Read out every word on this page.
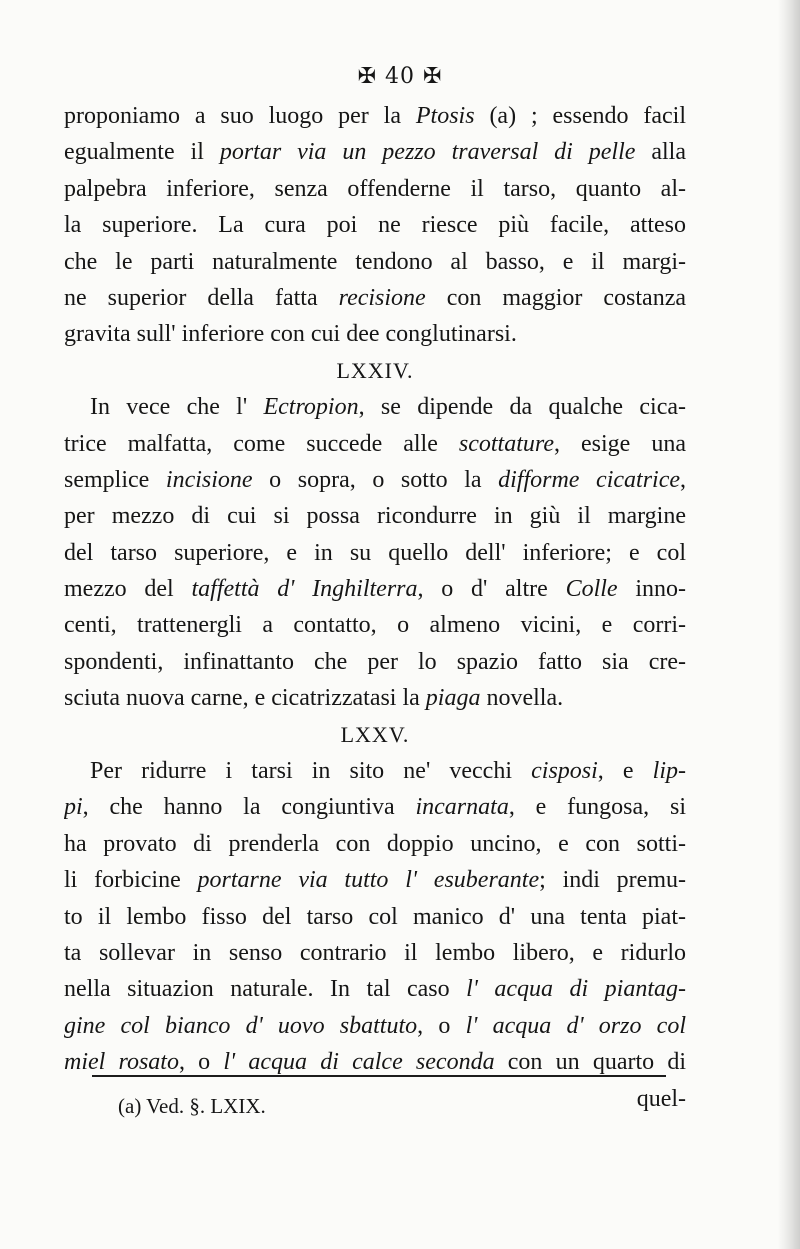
✠ 40 ✠
proponiamo a suo luogo per la Ptosis (a) ; essendo facil
egualmente il portar via un pezzo traversal di pelle alla
palpebra inferiore, senza offenderne il tarso, quanto al-
la superiore. La cura poi ne riesce più facile, atteso
che le parti naturalmente tendono al basso, e il margi-
ne superior della fatta recisione con maggior costanza
gravita sull' inferiore con cui dee conglutinarsi.
LXXIV.
In vece che l' Ectropion, se dipende da qualche cica-
trice malfatta, come succede alle scottature, esige una
semplice incisione o sopra, o sotto la difforme cicatrice,
per mezzo di cui si possa ricondurre in giù il margine
del tarso superiore, e in su quello dell' inferiore; e col
mezzo del taffettà d' Inghilterra, o d' altre Colle inno-
centi, trattenergli a contatto, o almeno vicini, e corri-
spondenti, infinattanto che per lo spazio fatto sia cre-
sciuta nuova carne, e cicatrizzatasi la piaga novella.
LXXV.
Per ridurre i tarsi in sito ne' vecchi cisposi, e lip-
pi, che hanno la congiuntiva incarnata, e fungosa, si
ha provato di prenderla con doppio uncino, e con sotti-
li forbicine portarne via tutto l' esuberante; indi premu-
to il lembo fisso del tarso col manico d' una tenta piat-
ta sollevar in senso contrario il lembo libero, e ridurlo
nella situazion naturale. In tal caso l' acqua di piantag-
gine col bianco d' uovo sbattuto, o l' acqua d' orzo col
miel rosato, o l' acqua di calce seconda con un quarto di
quel-
(a) Ved. §. LXIX.
